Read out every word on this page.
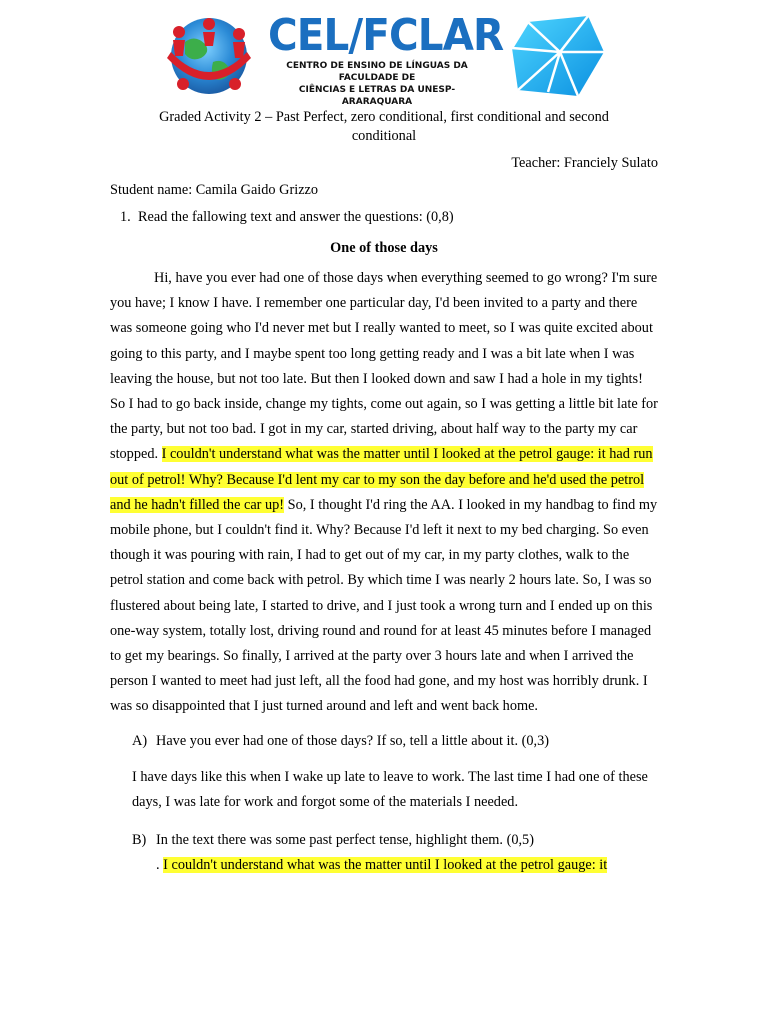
CEL/FCLAR
CENTRO DE ENSINO DE LÍNGUAS DA FACULDADE DE
CIÊNCIAS E LETRAS DA UNESP-ARARAQUARA

Graded Activity 2 – Past Perfect, zero conditional, first conditional and second conditional

Teacher: Franciely Sulato

Student name: Camila Gaido Grizzo

1. Read the fallowing text and answer the questions: (0,8)

One of those days

Hi, have you ever had one of those days when everything seemed to go wrong? I'm sure you have; I know I have. I remember one particular day, I'd been invited to a party and there was someone going who I'd never met but I really wanted to meet, so I was quite excited about going to this party, and I maybe spent too long getting ready and I was a bit late when I was leaving the house, but not too late. But then I looked down and saw I had a hole in my tights! So I had to go back inside, change my tights, come out again, so I was getting a little bit late for the party, but not too bad. I got in my car, started driving, about half way to the party my car stopped. I couldn't understand what was the matter until I looked at the petrol gauge: it had run out of petrol! Why? Because I'd lent my car to my son the day before and he'd used the petrol and he hadn't filled the car up! So, I thought I'd ring the AA. I looked in my handbag to find my mobile phone, but I couldn't find it. Why? Because I'd left it next to my bed charging. So even though it was pouring with rain, I had to get out of my car, in my party clothes, walk to the petrol station and come back with petrol. By which time I was nearly 2 hours late. So, I was so flustered about being late, I started to drive, and I just took a wrong turn and I ended up on this one-way system, totally lost, driving round and round for at least 45 minutes before I managed to get my bearings. So finally, I arrived at the party over 3 hours late and when I arrived the person I wanted to meet had just left, all the food had gone, and my host was horribly drunk. I was so disappointed that I just turned around and left and went back home.

A) Have you ever had one of those days? If so, tell a little about it. (0,3)

I have days like this when I wake up late to leave to work. The last time I had one of these days, I was late for work and forgot some of the materials I needed.

B) In the text there was some past perfect tense, highlight them. (0,5)

. I couldn't understand what was the matter until I looked at the petrol gauge: it
